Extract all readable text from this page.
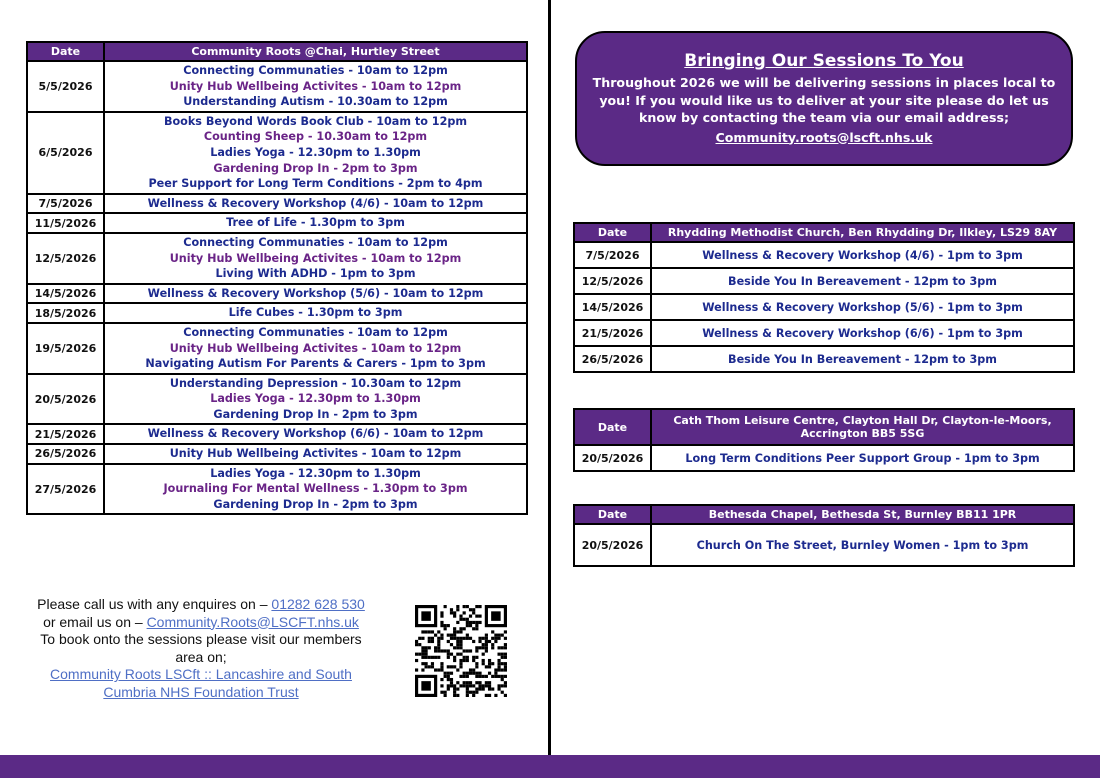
Date	Community Roots @Chai, Hurtley Street
5/5/2026	Connecting Communaties - 10am to 12pm
Unity Hub Wellbeing Activites - 10am to 12pm
Understanding Autism - 10.30am to 12pm

6/5/2026	Books Beyond Words Book Club - 10am to 12pm
Counting Sheep - 10.30am to 12pm
Ladies Yoga - 12.30pm to 1.30pm
Gardening Drop In - 2pm to 3pm
Peer Support for Long Term Conditions - 2pm to 4pm

7/5/2026	Wellness & Recovery Workshop (4/6) - 10am to 12pm

11/5/2026	Tree of Life - 1.30pm to 3pm

12/5/2026	Connecting Communaties - 10am to 12pm
Unity Hub Wellbeing Activites - 10am to 12pm
Living With ADHD - 1pm to 3pm

14/5/2026	Wellness & Recovery Workshop (5/6) - 10am to 12pm

18/5/2026	Life Cubes - 1.30pm to 3pm

19/5/2026	Connecting Communaties - 10am to 12pm
Unity Hub Wellbeing Activites - 10am to 12pm
Navigating Autism For Parents & Carers - 1pm to 3pm

20/5/2026	Understanding Depression - 10.30am to 12pm
Ladies Yoga - 12.30pm to 1.30pm
Gardening Drop In - 2pm to 3pm

21/5/2026	Wellness & Recovery Workshop (6/6) - 10am to 12pm

26/5/2026	Unity Hub Wellbeing Activites - 10am to 12pm

27/5/2026	Ladies Yoga - 12.30pm to 1.30pm
Journaling For Mental Wellness - 1.30pm to 3pm
Gardening Drop In - 2pm to 3pm
Bringing Our Sessions To You

Throughout 2026 we will be delivering sessions in places local to you! If you would like us to deliver at your site please do let us know by contacting the team via our email address;

Community.roots@lscft.nhs.uk
Date	Rhydding Methodist Church, Ben Rhydding Dr, Ilkley, LS29 8AY
7/5/2026	Wellness & Recovery Workshop (4/6) - 1pm to 3pm
12/5/2026	Beside You In Bereavement - 12pm to 3pm
14/5/2026	Wellness & Recovery Workshop (5/6) - 1pm to 3pm
21/5/2026	Wellness & Recovery Workshop (6/6) - 1pm to 3pm
26/5/2026	Beside You In Bereavement - 12pm to 3pm
Date	Cath Thom Leisure Centre, Clayton Hall Dr, Clayton-le-Moors, Accrington BB5 5SG
20/5/2026	Long Term Conditions Peer Support Group - 1pm to 3pm
Date	Bethesda Chapel, Bethesda St, Burnley BB11 1PR
20/5/2026	Church On The Street, Burnley Women - 1pm to 3pm
Please call us with any enquires on – 01282 628 530
or email us on – Community.Roots@LSCFT.nhs.uk
To book onto the sessions please visit our members area on;
Community Roots LSCft :: Lancashire and South Cumbria NHS Foundation Trust
